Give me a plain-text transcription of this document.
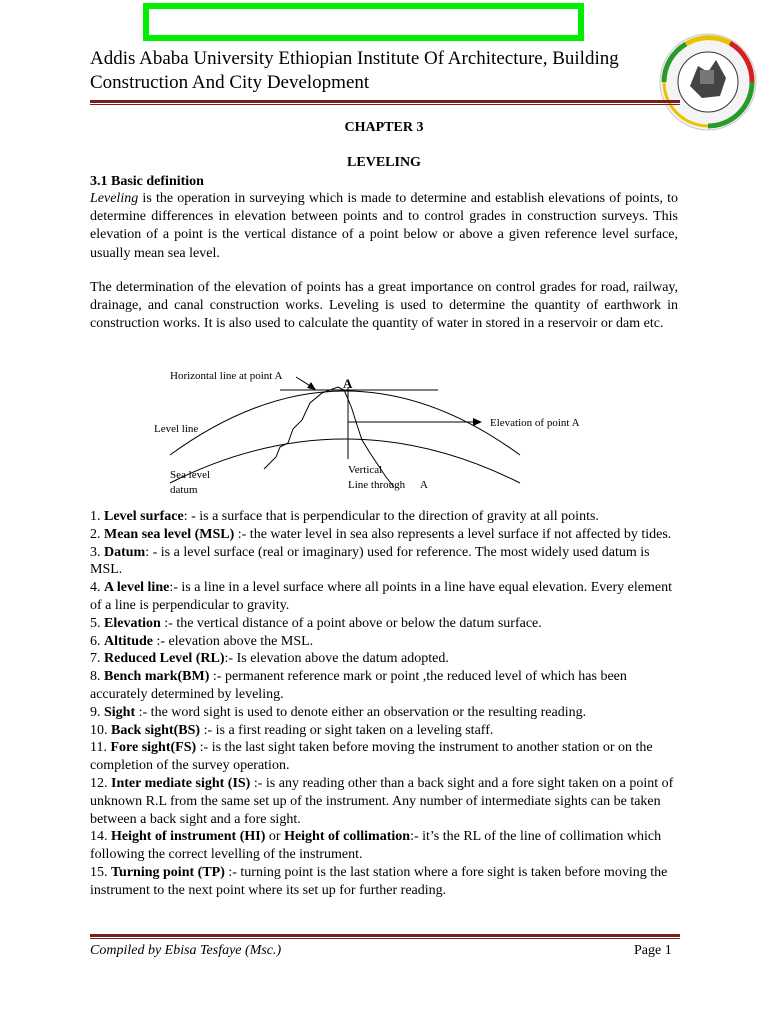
Addis Ababa University Ethiopian Institute Of Architecture, Building Construction And City Development
CHAPTER 3
LEVELING
3.1 Basic definition

Leveling is the operation in surveying which is made to determine and establish elevations of points, to determine differences in elevation between points and to control grades in construction surveys. This elevation of a point is the vertical distance of a point below or above a given reference level surface, usually mean sea level.

The determination of the elevation of points has a great importance on control grades for road, railway, drainage, and canal construction works. Leveling is used to determine the quantity of earthwork in construction works. It is also used to calculate the quantity of water in stored in a reservoir or dam etc.

Horizontal line at point A	A
Level line	Elevation of point A
Sea level
datum
Vertical
Line through A
1. Level surface: - is a surface that is perpendicular to the direction of gravity at all points.
2. Mean sea level (MSL) :- the water level in sea also represents a level surface if not affected by tides.
3. Datum: - is a level surface (real or imaginary) used for reference. The most widely used datum is MSL.
4. A level line:- is a line in a level surface where all points in a line have equal elevation. Every element of a line is perpendicular to gravity.
5. Elevation :- the vertical distance of a point above or below the datum surface.
6. Altitude :- elevation above the MSL.
7. Reduced Level (RL):- Is elevation above the datum adopted.
8. Bench mark(BM) :- permanent reference mark or point ,the reduced level of which has been accurately determined by leveling.
9. Sight :- the word sight is used to denote either an observation or the resulting reading.
10. Back sight(BS) :- is a first reading or sight taken on a leveling staff.
11. Fore sight(FS) :- is the last sight taken before moving the instrument to another station or on the completion of the survey operation.
12. Inter mediate sight (IS) :- is any reading other than a back sight and a fore sight taken on a point of unknown R.L from the same set up of the instrument. Any number of intermediate sights can be taken between a back sight and a fore sight.
14. Height of instrument (HI) or Height of collimation:- it’s the RL of the line of collimation which following the correct levelling of the instrument.
15. Turning point (TP) :- turning point is the last station where a fore sight is taken before moving the instrument to the next point where its set up for further reading.
Compiled by Ebisa Tesfaye (Msc.)	Page 1
